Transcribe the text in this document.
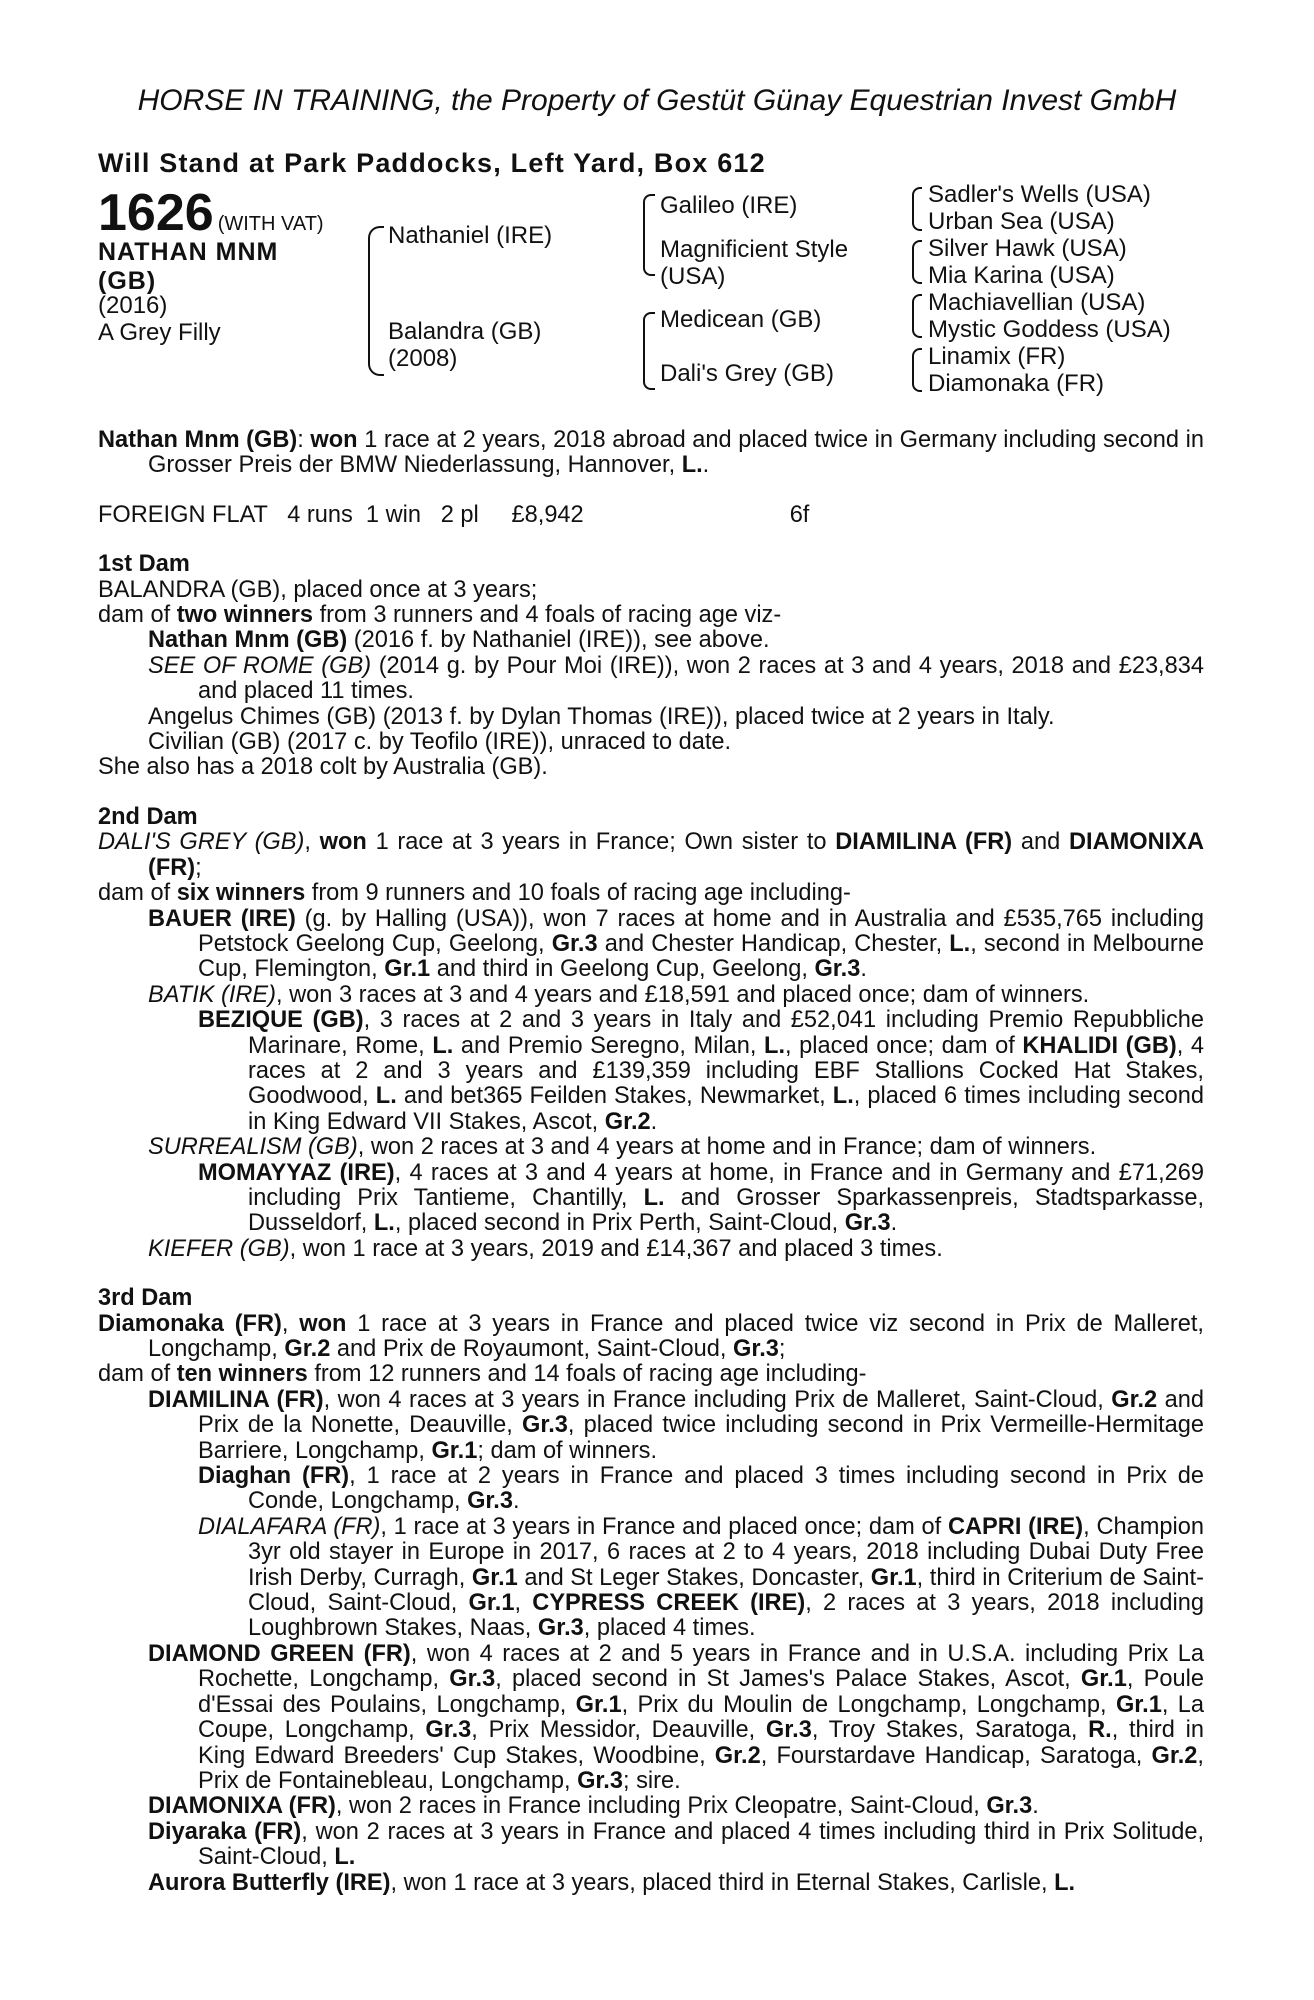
HORSE IN TRAINING, the Property of Gestüt Günay Equestrian Invest GmbH
Will Stand at Park Paddocks, Left Yard, Box 612
1626 (WITH VAT)
NATHAN MNM
(GB)
(2016)
A Grey Filly
Nathaniel (IRE)
Balandra (GB)
(2008)
Galileo (IRE)
Magnificient Style
(USA)
Medicean (GB)
Dali's Grey (GB)
Sadler's Wells (USA)
Urban Sea (USA)
Silver Hawk (USA)
Mia Karina (USA)
Machiavellian (USA)
Mystic Goddess (USA)
Linamix (FR)
Diamonaka (FR)

Nathan Mnm (GB): won 1 race at 2 years, 2018 abroad and placed twice in Germany including second in Grosser Preis der BMW Niederlassung, Hannover, L..

FOREIGN FLAT 4 runs 1 win 2 pl £8,942	6f

1st Dam

BALANDRA (GB), placed once at 3 years;

dam of two winners from 3 runners and 4 foals of racing age viz-

Nathan Mnm (GB) (2016 f. by Nathaniel (IRE)), see above.

SEE OF ROME (GB) (2014 g. by Pour Moi (IRE)), won 2 races at 3 and 4 years, 2018 and £23,834 and placed 11 times.

Angelus Chimes (GB) (2013 f. by Dylan Thomas (IRE)), placed twice at 2 years in Italy.

Civilian (GB) (2017 c. by Teofilo (IRE)), unraced to date.

She also has a 2018 colt by Australia (GB).

2nd Dam

DALI'S GREY (GB), won 1 race at 3 years in France; Own sister to DIAMILINA (FR) and DIAMONIXA (FR);

dam of six winners from 9 runners and 10 foals of racing age including-

BAUER (IRE) (g. by Halling (USA)), won 7 races at home and in Australia and £535,765 including Petstock Geelong Cup, Geelong, Gr.3 and Chester Handicap, Chester, L., second in Melbourne Cup, Flemington, Gr.1 and third in Geelong Cup, Geelong, Gr.3.

BATIK (IRE), won 3 races at 3 and 4 years and £18,591 and placed once; dam of winners.

BEZIQUE (GB), 3 races at 2 and 3 years in Italy and £52,041 including Premio Repubbliche Marinare, Rome, L. and Premio Seregno, Milan, L., placed once; dam of KHALIDI (GB), 4 races at 2 and 3 years and £139,359 including EBF Stallions Cocked Hat Stakes, Goodwood, L. and bet365 Feilden Stakes, Newmarket, L., placed 6 times including second in King Edward VII Stakes, Ascot, Gr.2.

SURREALISM (GB), won 2 races at 3 and 4 years at home and in France; dam of winners.

MOMAYYAZ (IRE), 4 races at 3 and 4 years at home, in France and in Germany and £71,269 including Prix Tantieme, Chantilly, L. and Grosser Sparkassenpreis, Stadtsparkasse, Dusseldorf, L., placed second in Prix Perth, Saint-Cloud, Gr.3.

KIEFER (GB), won 1 race at 3 years, 2019 and £14,367 and placed 3 times.

3rd Dam

Diamonaka (FR), won 1 race at 3 years in France and placed twice viz second in Prix de Malleret, Longchamp, Gr.2 and Prix de Royaumont, Saint-Cloud, Gr.3;

dam of ten winners from 12 runners and 14 foals of racing age including-

DIAMILINA (FR), won 4 races at 3 years in France including Prix de Malleret, Saint-Cloud, Gr.2 and Prix de la Nonette, Deauville, Gr.3, placed twice including second in Prix Vermeille-Hermitage Barriere, Longchamp, Gr.1; dam of winners.

Diaghan (FR), 1 race at 2 years in France and placed 3 times including second in Prix de Conde, Longchamp, Gr.3.

DIALAFARA (FR), 1 race at 3 years in France and placed once; dam of CAPRI (IRE), Champion 3yr old stayer in Europe in 2017, 6 races at 2 to 4 years, 2018 including Dubai Duty Free Irish Derby, Curragh, Gr.1 and St Leger Stakes, Doncaster, Gr.1, third in Criterium de Saint-Cloud, Saint-Cloud, Gr.1, CYPRESS CREEK (IRE), 2 races at 3 years, 2018 including Loughbrown Stakes, Naas, Gr.3, placed 4 times.

DIAMOND GREEN (FR), won 4 races at 2 and 5 years in France and in U.S.A. including Prix La Rochette, Longchamp, Gr.3, placed second in St James's Palace Stakes, Ascot, Gr.1, Poule d'Essai des Poulains, Longchamp, Gr.1, Prix du Moulin de Longchamp, Longchamp, Gr.1, La Coupe, Longchamp, Gr.3, Prix Messidor, Deauville, Gr.3, Troy Stakes, Saratoga, R., third in King Edward Breeders' Cup Stakes, Woodbine, Gr.2, Fourstardave Handicap, Saratoga, Gr.2, Prix de Fontainebleau, Longchamp, Gr.3; sire.

DIAMONIXA (FR), won 2 races in France including Prix Cleopatre, Saint-Cloud, Gr.3.

Diyaraka (FR), won 2 races at 3 years in France and placed 4 times including third in Prix Solitude, Saint-Cloud, L.

Aurora Butterfly (IRE), won 1 race at 3 years, placed third in Eternal Stakes, Carlisle, L.
